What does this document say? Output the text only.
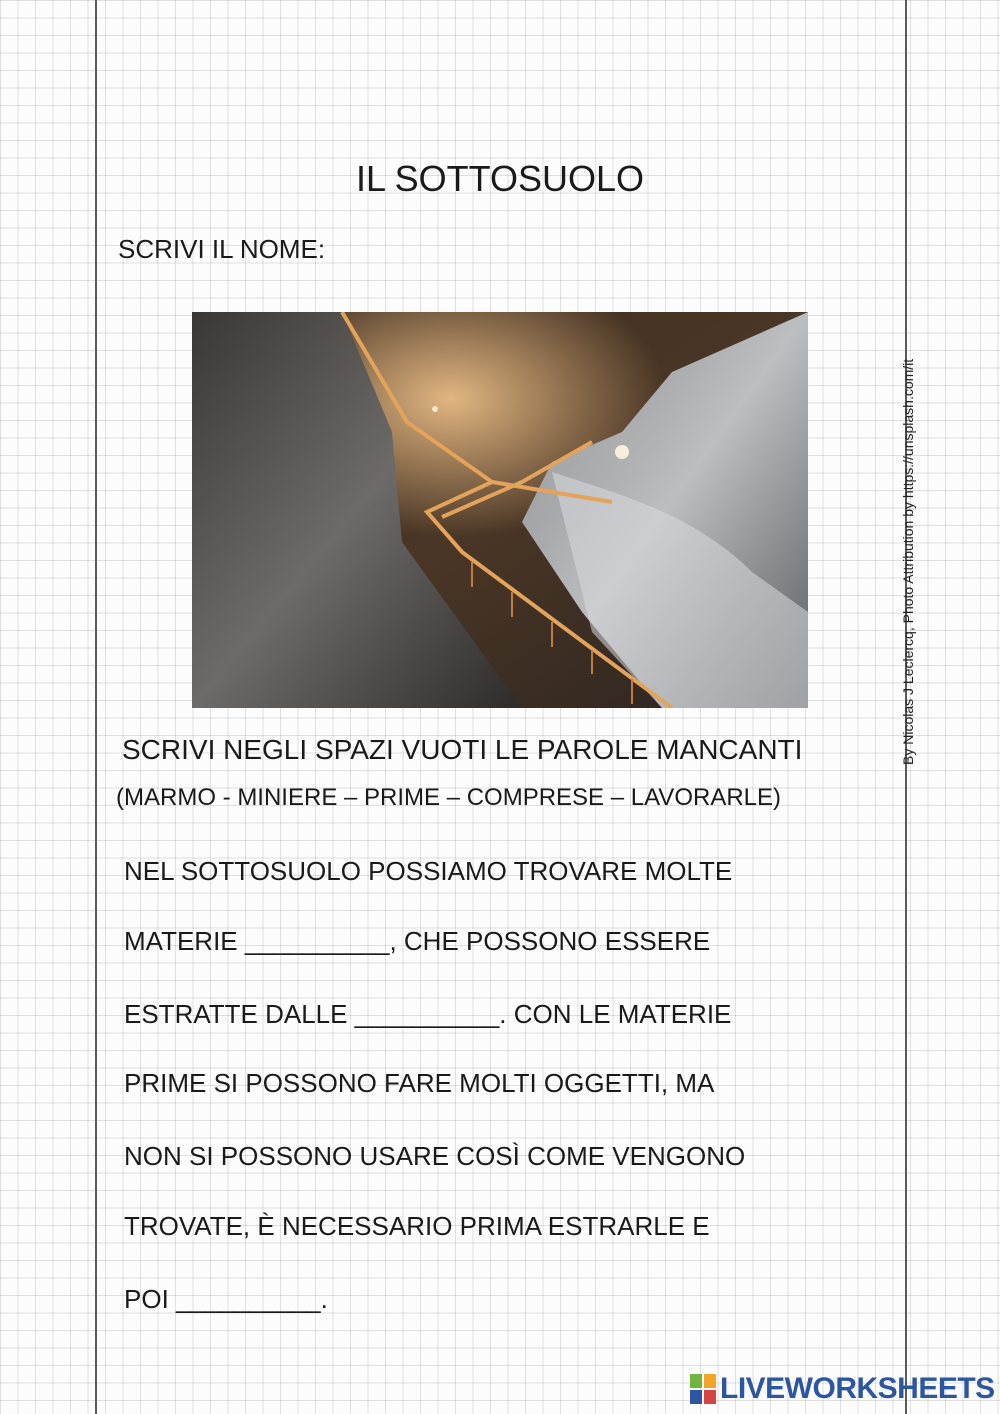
IL SOTTOSUOLO
SCRIVI IL NOME:
By Nicolas J Leclercq, Photo Attribution by https://unsplash.com/it
SCRIVI NEGLI SPAZI VUOTI LE PAROLE MANCANTI
(MARMO - MINIERE – PRIME – COMPRESE – LAVORARLE)
NEL SOTTOSUOLO POSSIAMO TROVARE MOLTE
MATERIE __________, CHE POSSONO ESSERE
ESTRATTE DALLE __________. CON LE MATERIE
PRIME SI POSSONO FARE MOLTI OGGETTI, MA
NON SI POSSONO USARE COSÌ COME VENGONO
TROVATE, È NECESSARIO PRIMA ESTRARLE E
POI __________.
LIVEWORKSHEETS
